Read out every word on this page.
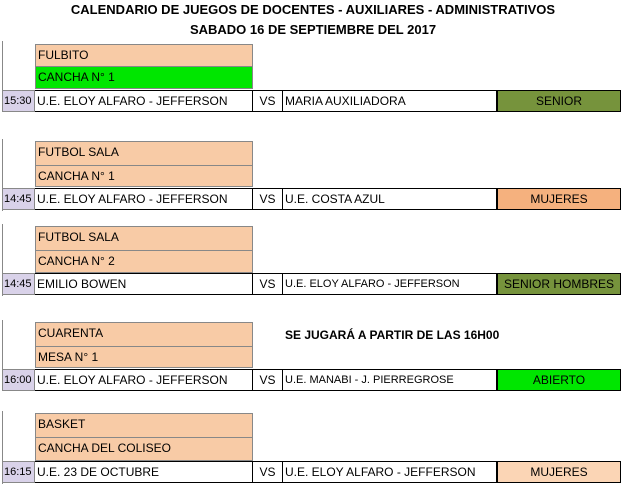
CALENDARIO DE JUEGOS DE DOCENTES - AUXILIARES - ADMINISTRATIVOS
SABADO 16 DE SEPTIEMBRE DEL 2017
FULBITO
CANCHA N° 1
15:30 U.E. ELOY ALFARO - JEFFERSON	VS MARIA AUXILIADORA	SENIOR
FUTBOL SALA
CANCHA N° 1
14:45 U.E. ELOY ALFARO - JEFFERSON	VS U.E. COSTA AZUL	MUJERES
FUTBOL SALA
CANCHA N° 2
14:45 EMILIO BOWEN	VS U.E. ELOY ALFARO - JEFFERSON	SENIOR HOMBRES
CUARENTA
MESA N° 1
SE JUGARÁ A PARTIR DE LAS 16H00
16:00 U.E. ELOY ALFARO - JEFFERSON	VS U.E. MANABI - J. PIERREGROSE	ABIERTO
BASKET
CANCHA DEL COLISEO
16:15 U.E. 23 DE OCTUBRE	VS U.E. ELOY ALFARO - JEFFERSON	MUJERES
